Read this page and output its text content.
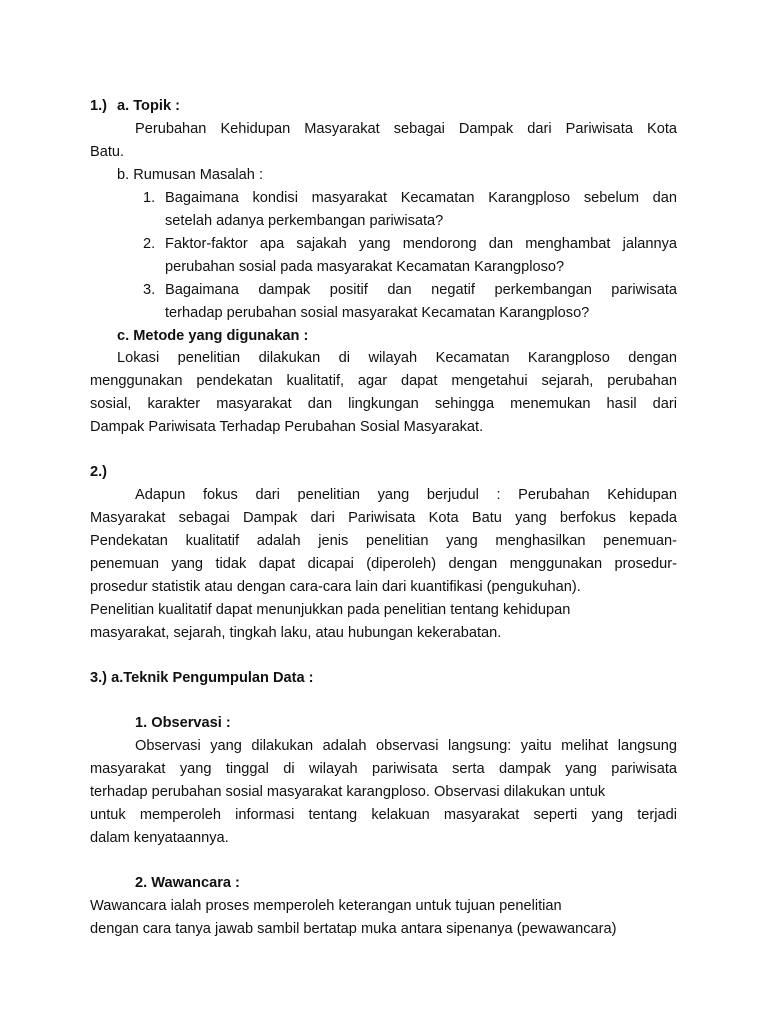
1.) a. Topik :
Perubahan Kehidupan Masyarakat sebagai Dampak dari Pariwisata Kota
Batu.
b. Rumusan Masalah :
1. Bagaimana kondisi masyarakat Kecamatan Karangploso sebelum dan
setelah adanya perkembangan pariwisata?
2. Faktor-faktor apa sajakah yang mendorong dan menghambat jalannya
perubahan sosial pada masyarakat Kecamatan Karangploso?
3. Bagaimana dampak positif dan negatif perkembangan pariwisata
terhadap perubahan sosial masyarakat Kecamatan Karangploso?
c. Metode yang digunakan :
Lokasi penelitian dilakukan di wilayah Kecamatan Karangploso dengan
menggunakan pendekatan kualitatif, agar dapat mengetahui sejarah, perubahan
sosial, karakter masyarakat dan lingkungan sehingga menemukan hasil dari
Dampak Pariwisata Terhadap Perubahan Sosial Masyarakat.
2.)
Adapun fokus dari penelitian yang berjudul : Perubahan Kehidupan
Masyarakat sebagai Dampak dari Pariwisata Kota Batu yang berfokus kepada
Pendekatan kualitatif adalah jenis penelitian yang menghasilkan penemuan-
penemuan yang tidak dapat dicapai (diperoleh) dengan menggunakan prosedur-
prosedur statistik atau dengan cara-cara lain dari kuantifikasi (pengukuhan).
Penelitian kualitatif dapat menunjukkan pada penelitian tentang kehidupan
masyarakat, sejarah, tingkah laku, atau hubungan kekerabatan.
3.) a.Teknik Pengumpulan Data :
1. Observasi :
Observasi yang dilakukan adalah observasi langsung: yaitu melihat langsung
masyarakat yang tinggal di wilayah pariwisata serta dampak yang pariwisata
terhadap perubahan sosial masyarakat karangploso. Observasi dilakukan untuk
untuk memperoleh informasi tentang kelakuan masyarakat seperti yang terjadi
dalam kenyataannya.
2. Wawancara :
Wawancara ialah proses memperoleh keterangan untuk tujuan penelitian
dengan cara tanya jawab sambil bertatap muka antara sipenanya (pewawancara)
